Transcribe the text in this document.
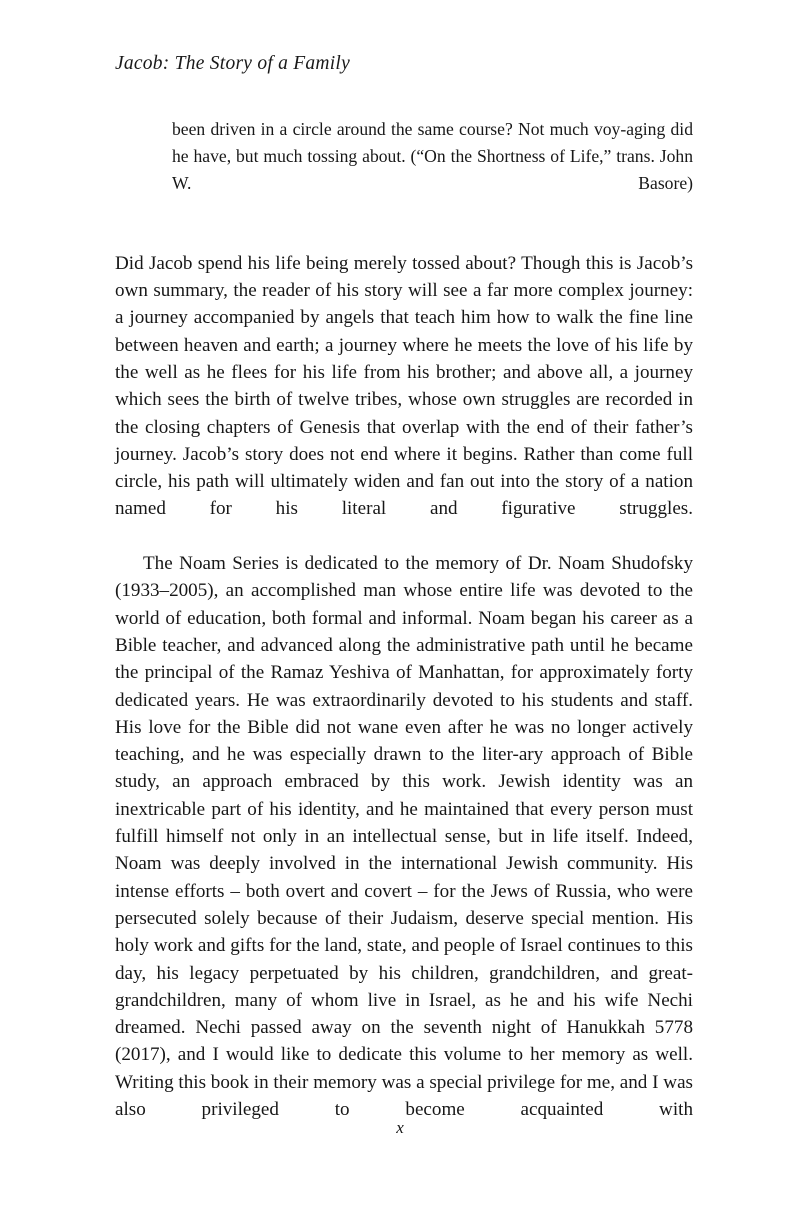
Jacob: The Story of a Family
been driven in a circle around the same course? Not much voy-aging did he have, but much tossing about. (“On the Shortness of Life,” trans. John W. Basore)

Did Jacob spend his life being merely tossed about? Though this is Jacob’s own summary, the reader of his story will see a far more complex journey: a journey accompanied by angels that teach him how to walk the fine line between heaven and earth; a journey where he meets the love of his life by the well as he flees for his life from his brother; and above all, a journey which sees the birth of twelve tribes, whose own struggles are recorded in the closing chapters of Genesis that overlap with the end of their father’s journey. Jacob’s story does not end where it begins. Rather than come full circle, his path will ultimately widen and fan out into the story of a nation named for his literal and figurative struggles.

The Noam Series is dedicated to the memory of Dr. Noam Shudofsky (1933–2005), an accomplished man whose entire life was devoted to the world of education, both formal and informal. Noam began his career as a Bible teacher, and advanced along the administrative path until he became the principal of the Ramaz Yeshiva of Manhattan, for approximately forty dedicated years. He was extraordinarily devoted to his students and staff. His love for the Bible did not wane even after he was no longer actively teaching, and he was especially drawn to the liter-ary approach of Bible study, an approach embraced by this work. Jewish identity was an inextricable part of his identity, and he maintained that every person must fulfill himself not only in an intellectual sense, but in life itself. Indeed, Noam was deeply involved in the international Jewish community. His intense efforts – both overt and covert – for the Jews of Russia, who were persecuted solely because of their Judaism, deserve special mention. His holy work and gifts for the land, state, and people of Israel continues to this day, his legacy perpetuated by his children, grandchildren, and great-grandchildren, many of whom live in Israel, as he and his wife Nechi dreamed. Nechi passed away on the seventh night of Hanukkah 5778 (2017), and I would like to dedicate this volume to her memory as well. Writing this book in their memory was a special privilege for me, and I was also privileged to become acquainted with

x
